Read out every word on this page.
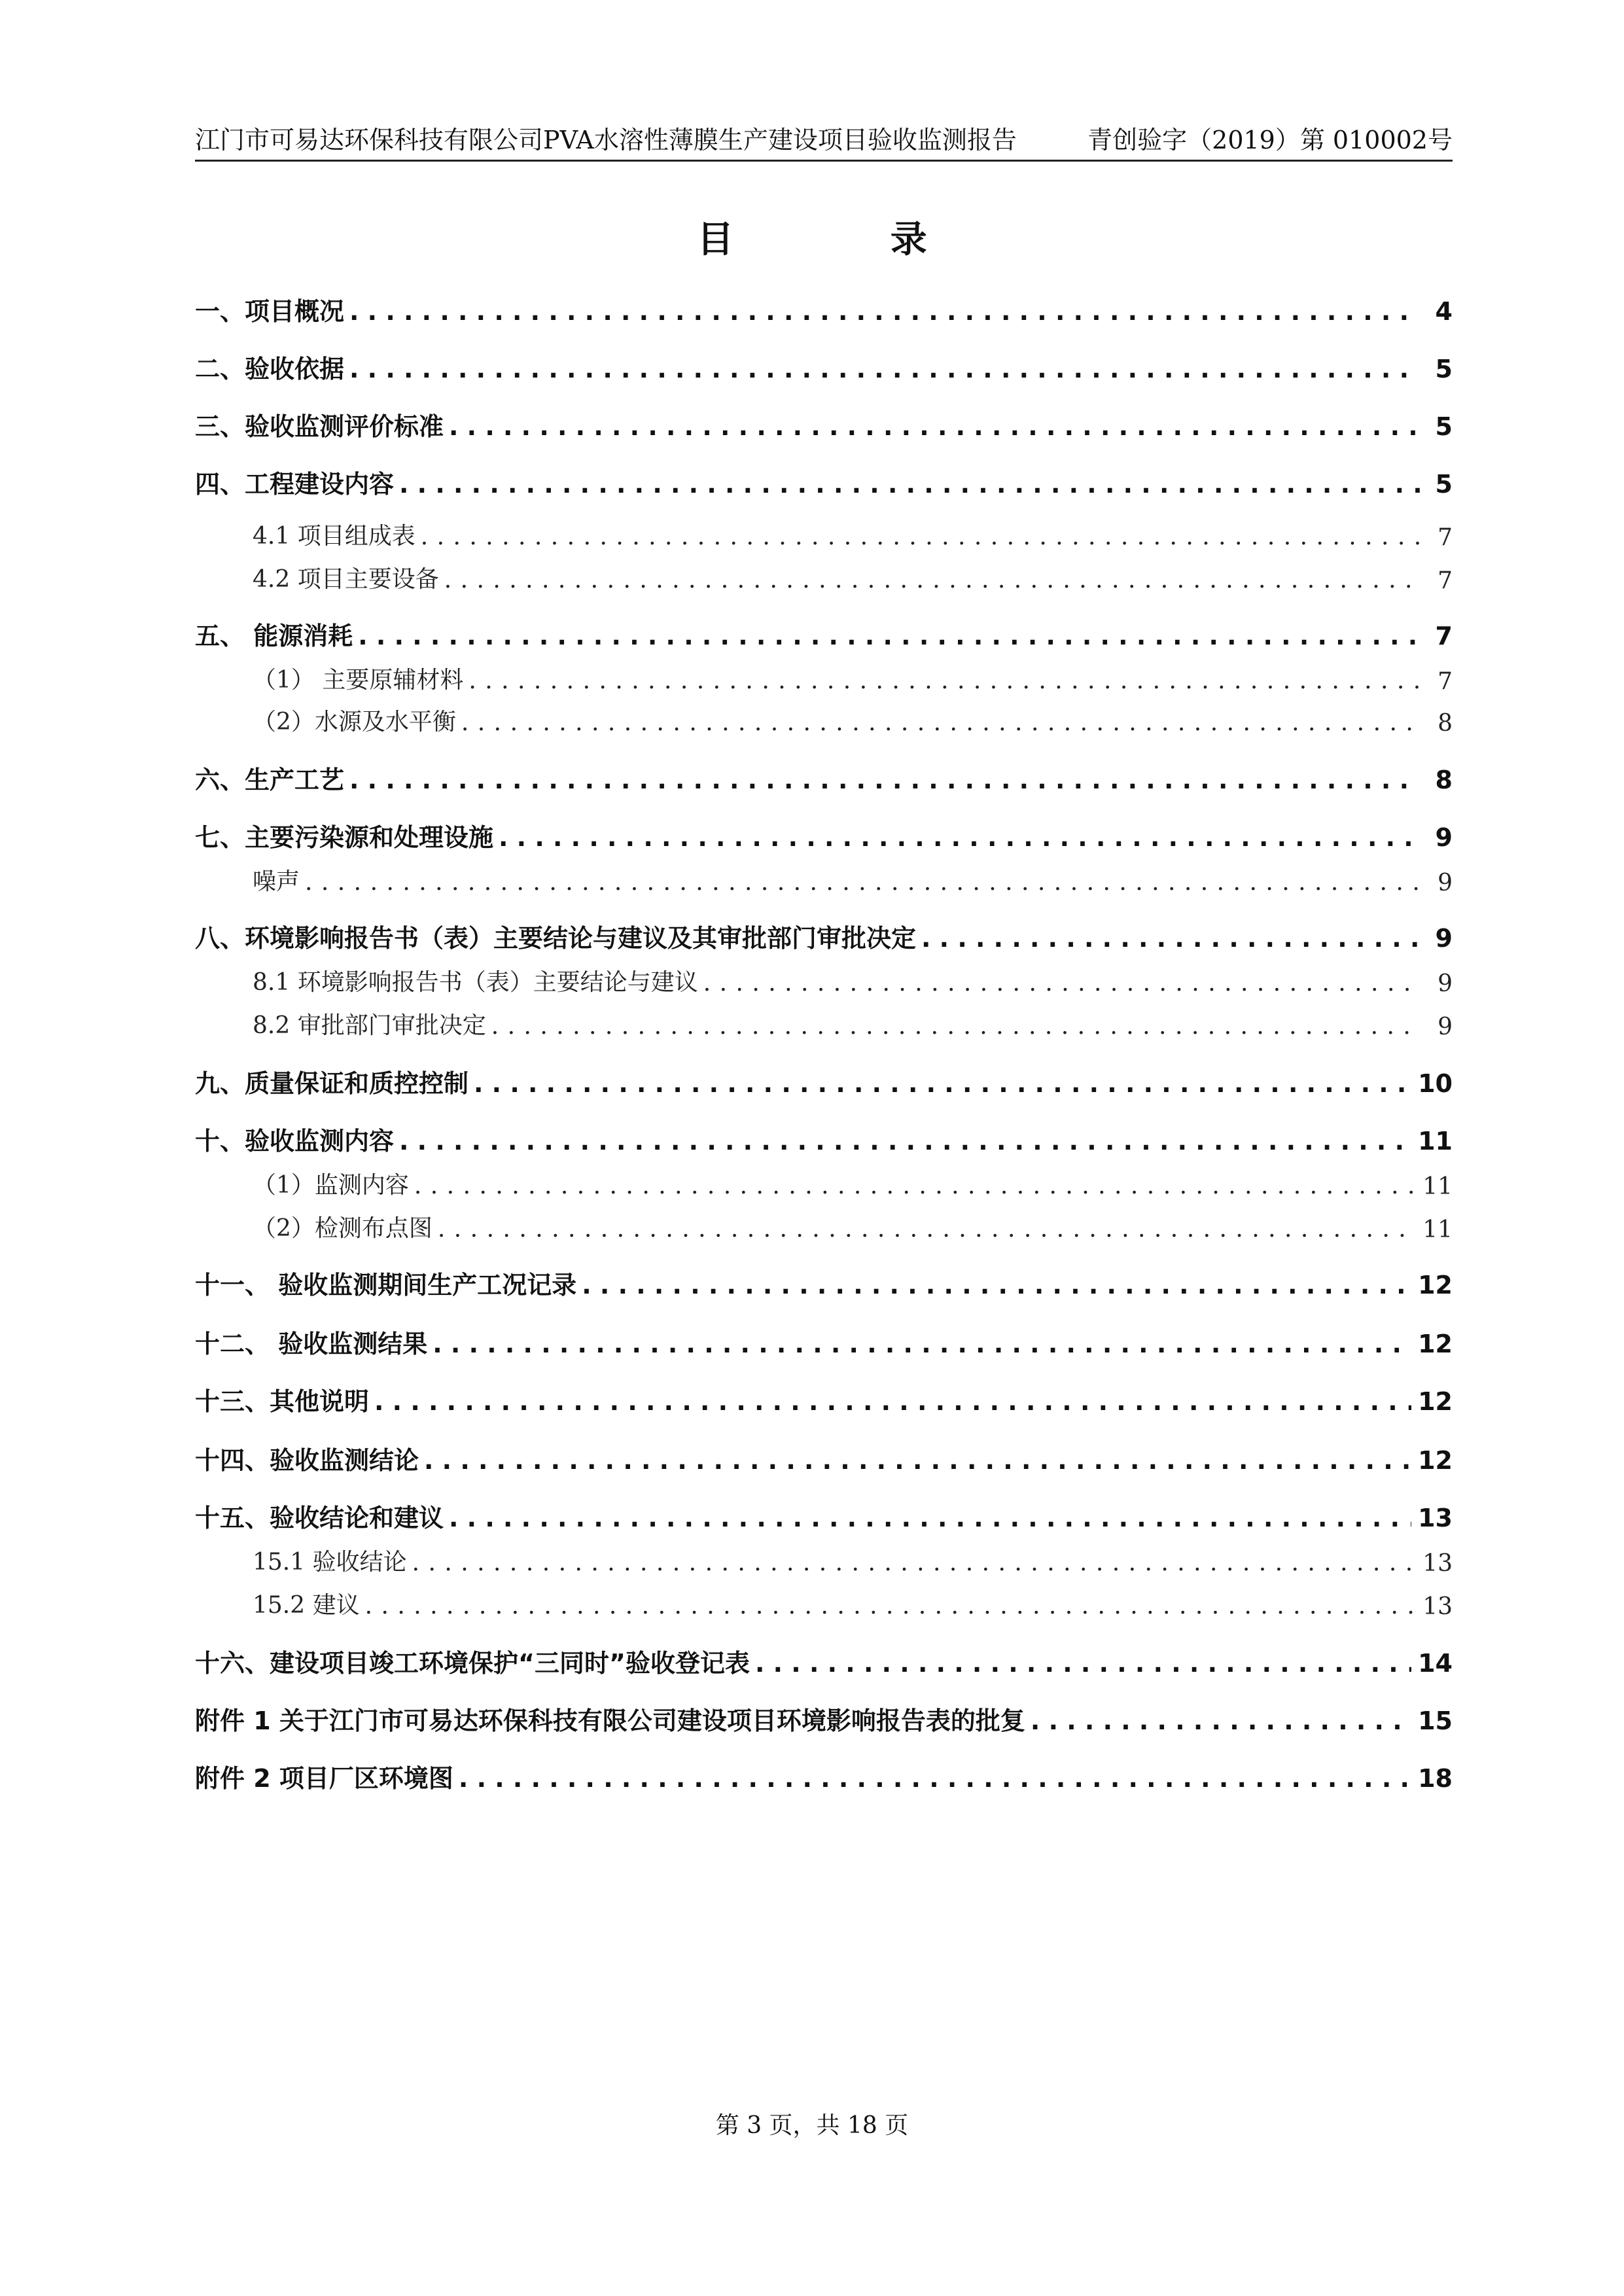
江门市可易达环保科技有限公司PVA水溶性薄膜生产建设项目验收监测报告	青创验字（2019）第 010002号
目 录
一、项目概况 . . .	4
二、验收依据 . . .	5
三、验收监测评价标准 . . .	5
四、工程建设内容 . . .	5
4.1 项目组成表 . . .	7
4.2 项目主要设备 . . .	7
五、 能源消耗 . . .	7
（1） 主要原辅材料 . . .	7
（2）水源及水平衡 . . .	8
六、生产工艺 . . .	8
七、主要污染源和处理设施 . . .	9
噪声 . . .	9
八、环境影响报告书（表）主要结论与建议及其审批部门审批决定 . . .	9
8.1 环境影响报告书（表）主要结论与建议 . . .	9
8.2 审批部门审批决定 . . .	9
九、质量保证和质控控制 . . .	10
十、验收监测内容 . . .	11
（1）监测内容 . . .	11
（2）检测布点图 . . .	11
十一、 验收监测期间生产工况记录 . . .	12
十二、 验收监测结果 . . .	12
十三、其他说明 . . .	12
十四、验收监测结论 . . .	12
十五、验收结论和建议 . . .	13
15.1 验收结论 . . .	13
15.2 建议 . . .	13
十六、建设项目竣工环境保护“三同时”验收登记表 . . .	14
附件 1 关于江门市可易达环保科技有限公司建设项目环境影响报告表的批复 . . .	15
附件 2 项目厂区环境图 . . .	18
第 3 页，共 18 页
